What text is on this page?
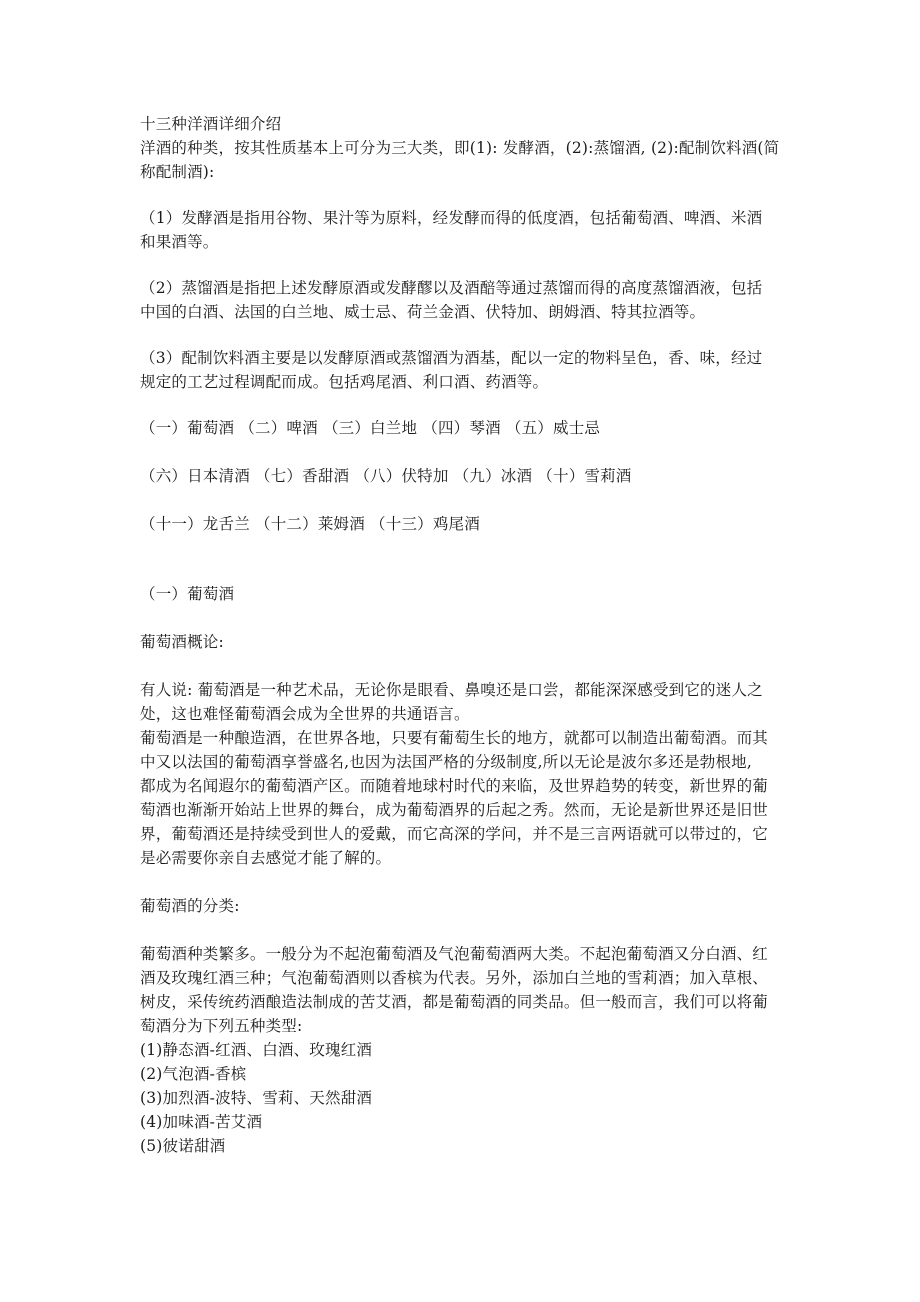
十三种洋酒详细介绍
洋酒的种类，按其性质基本上可分为三大类，即(1): 发酵酒，(2):蒸馏酒, (2):配制饮料酒(简
称配制酒):
（1）发酵酒是指用谷物、果汁等为原料，经发酵而得的低度酒，包括葡萄酒、啤酒、米酒
和果酒等。
（2）蒸馏酒是指把上述发酵原酒或发酵醪以及酒醅等通过蒸馏而得的高度蒸馏酒液，包括
中国的白酒、法国的白兰地、威士忌、荷兰金酒、伏特加、朗姆酒、特其拉酒等。
（3）配制饮料酒主要是以发酵原酒或蒸馏酒为酒基，配以一定的物料呈色，香、味，经过
规定的工艺过程调配而成。包括鸡尾酒、利口酒、药酒等。
（一）葡萄酒 （二）啤酒 （三）白兰地 （四）琴酒 （五）威士忌
（六）日本清酒 （七）香甜酒 （八）伏特加 （九）冰酒 （十）雪莉酒
（十一）龙舌兰 （十二）莱姆酒 （十三）鸡尾酒
（一）葡萄酒
葡萄酒概论:
有人说: 葡萄酒是一种艺术品，无论你是眼看、鼻嗅还是口尝，都能深深感受到它的迷人之
处，这也难怪葡萄酒会成为全世界的共通语言。
葡萄酒是一种酿造酒，在世界各地，只要有葡萄生长的地方，就都可以制造出葡萄酒。而其
中又以法国的葡萄酒享誉盛名,也因为法国严格的分级制度,所以无论是波尔多还是勃根地,
都成为名闻遐尔的葡萄酒产区。而随着地球村时代的来临，及世界趋势的转变，新世界的葡
萄酒也渐渐开始站上世界的舞台，成为葡萄酒界的后起之秀。然而，无论是新世界还是旧世
界，葡萄酒还是持续受到世人的爱戴，而它高深的学问，并不是三言两语就可以带过的，它
是必需要你亲自去感觉才能了解的。
葡萄酒的分类:
葡萄酒种类繁多。一般分为不起泡葡萄酒及气泡葡萄酒两大类。不起泡葡萄酒又分白酒、红
酒及玫瑰红酒三种；气泡葡萄酒则以香槟为代表。另外，添加白兰地的雪莉酒；加入草根、
树皮，采传统药酒酿造法制成的苦艾酒，都是葡萄酒的同类品。但一般而言，我们可以将葡
萄酒分为下列五种类型:
(1)静态酒-红酒、白酒、玫瑰红酒
(2)气泡酒-香槟
(3)加烈酒-波特、雪莉、天然甜酒
(4)加味酒-苦艾酒
(5)彼诺甜酒
